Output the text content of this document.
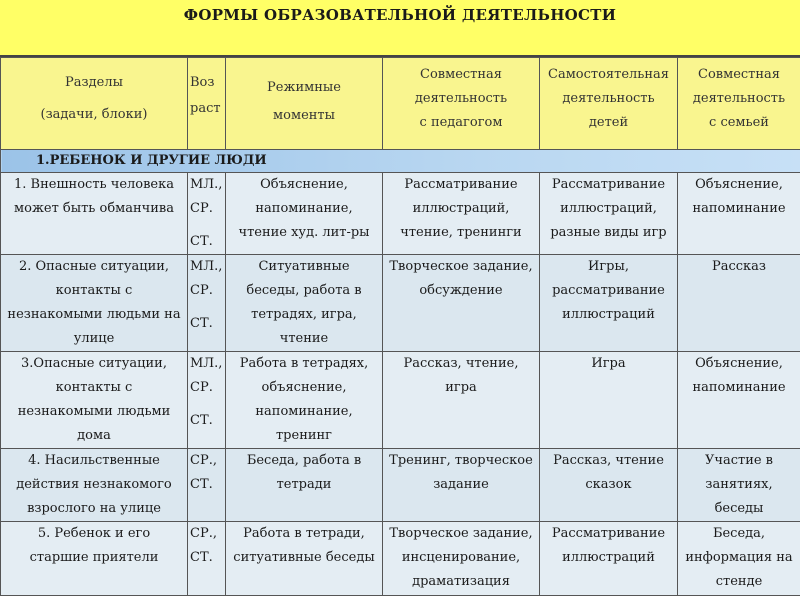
ФОРМЫ ОБРАЗОВАТЕЛЬНОЙ ДЕЯТЕЛЬНОСТИ
Разделы
(задачи, блоки)	Воз
раст	Режимные
моменты	Совместная
деятельность
с педагогом	Самостоятельная
деятельность
детей	Совместная
деятельность
с семьей

1.РЕБЕНОК И ДРУГИЕ ЛЮДИ					

1. Внешность человека
может быть обманчива	МЛ.,
СР.
СТ.	Объяснение,
напоминание,
чтение худ. лит-ры	Рассматривание
иллюстраций,
чтение, тренинги	Рассматривание
иллюстраций,
разные виды игр	Объяснение,
напоминание

2. Опасные ситуации,
контакты с
незнакомыми людьми на
улице	МЛ.,
СР.
СТ.	Ситуативные
беседы, работа в
тетрадях, игра,
чтение	Творческое задание,
обсуждение	Игры,
рассматривание
иллюстраций	Рассказ

3.Опасные ситуации,
контакты с
незнакомыми людьми
дома	МЛ.,
СР.
СТ.	Работа в тетрадях,
объяснение,
напоминание,
тренинг	Рассказ, чтение,
игра	Игра	Объяснение,
напоминание

4. Насильственные
действия незнакомого
взрослого на улице	СР.,
СТ.	Беседа, работа в
тетради	Тренинг, творческое
задание	Рассказ, чтение
сказок	Участие в
занятиях,
беседы

5. Ребенок и его
старшие приятели	СР.,
СТ.	Работа в тетради,
ситуативные беседы	Творческое задание,
инсценирование,
драматизация	Рассматривание
иллюстраций	Беседа,
информация на
стенде
